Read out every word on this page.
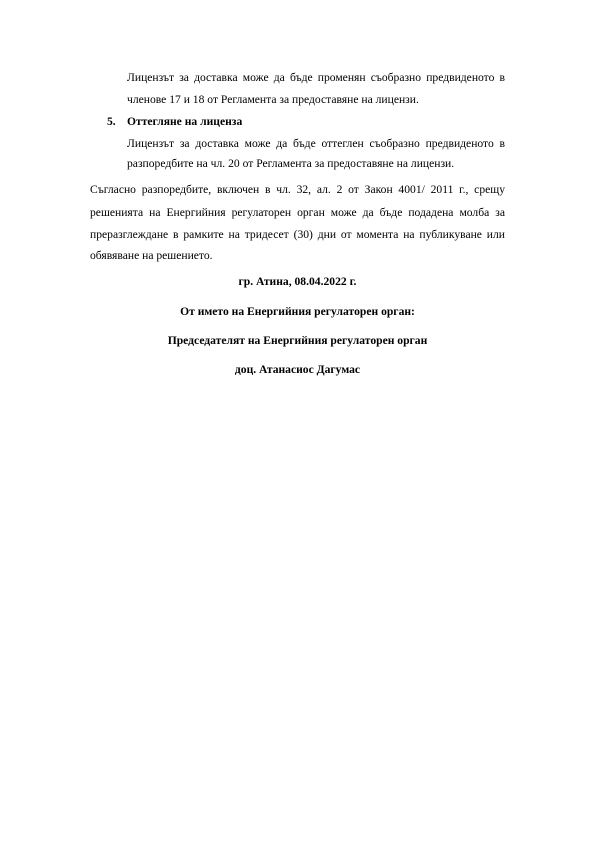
Лицензът за доставка може да бъде променян съобразно предвиденото в
членове 17 и 18 от Регламента за предоставяне на лицензи.
5. Оттегляне на лиценза
Лицензът за доставка може да бъде оттеглен съобразно предвиденото в
разпоредбите на чл. 20 от Регламента за предоставяне на лицензи.
Съгласно разпоредбите, включен в чл. 32, ал. 2 от Закон 4001/ 2011 г., срещу
решенията на Енергийния регулаторен орган може да бъде подадена молба за
преразглеждане в рамките на тридесет (30) дни от момента на публикуване или
обявяване на решението.
гр. Атина, 08.04.2022 г.
От името на Енергийния регулаторен орган:
Председателят на Енергийния регулаторен орган
доц. Атанасиос Дагумас
